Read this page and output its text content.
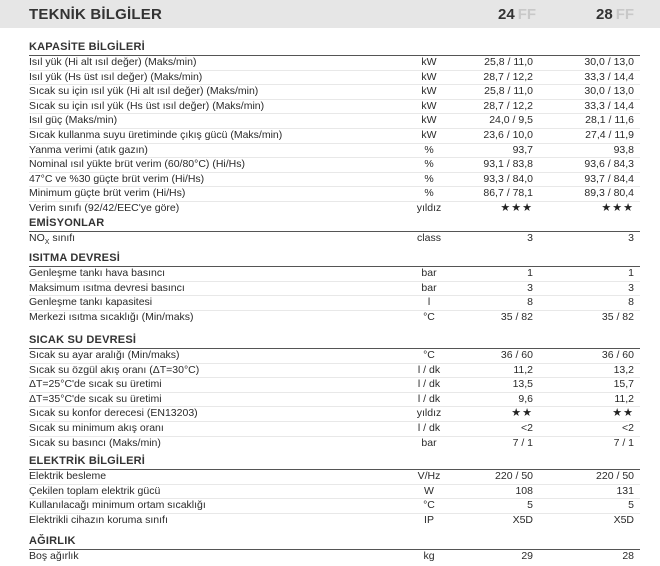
TEKNİK BİLGİLER	24 FF	28 FF
KAPASİTE BİLGİLERİ
Isıl yük (Hi alt ısıl değer) (Maks/min)	kW	25,8 / 11,0	30,0 / 13,0
Isıl yük (Hs üst ısıl değer) (Maks/min)	kW	28,7 / 12,2	33,3 / 14,4
Sıcak su için ısıl yük (Hi alt ısıl değer) (Maks/min)	kW	25,8 / 11,0	30,0 / 13,0
Sıcak su için ısıl yük (Hs üst ısıl değer) (Maks/min)	kW	28,7 / 12,2	33,3 / 14,4
Isıl güç (Maks/min)	kW	24,0 / 9,5	28,1 / 11,6
Sıcak kullanma suyu üretiminde çıkış gücü (Maks/min)	kW	23,6 / 10,0	27,4 / 11,9
Yanma verimi (atık gazın)	%	93,7	93,8
Nominal ısıl yükte brüt verim (60/80°C) (Hi/Hs)	%	93,1 / 83,8	93,6 / 84,3
47°C ve %30 güçte brüt verim (Hi/Hs)	%	93,3 / 84,0	93,7 / 84,4
Minimum güçte brüt verim (Hi/Hs)	%	86,7 / 78,1	89,3 / 80,4
Verim sınıfı (92/42/EEC'ye göre)	yıldız	★★★	★★★
EMİSYONLAR
$NO_X$ sınıfı	class	3	3
ISITMA DEVRESİ
Genleşme tankı hava basıncı	bar	1	1
Maksimum ısıtma devresi basıncı	bar	3	3
Genleşme tankı kapasitesi	l	8	8
Merkezi ısıtma sıcaklığı (Min/maks)	°C	35 / 82	35 / 82
SICAK SU DEVRESİ
Sıcak su ayar aralığı (Min/maks)	°C	36 / 60	36 / 60
Sıcak su özgül akış oranı (ΔT=30°C)	l / dk	11,2	13,2
ΔT=25°C'de sıcak su üretimi	l / dk	13,5	15,7
ΔT=35°C'de sıcak su üretimi	l / dk	9,6	11,2
Sıcak su konfor derecesi (EN13203)	yıldız	★★	★★
Sıcak su minimum akış oranı	l / dk	<2	<2
Sıcak su basıncı (Maks/min)	bar	7 / 1	7 / 1
ELEKTRİK BİLGİLERİ
Elektrik besleme	V/Hz	220 / 50	220 / 50
Çekilen toplam elektrik gücü	W	108	131
Kullanılacağı minimum ortam sıcaklığı	°C	5	5
Elektrikli cihazın koruma sınıfı	IP	X5D	X5D
AĞIRLIK
Boş ağırlık	kg	29	28
